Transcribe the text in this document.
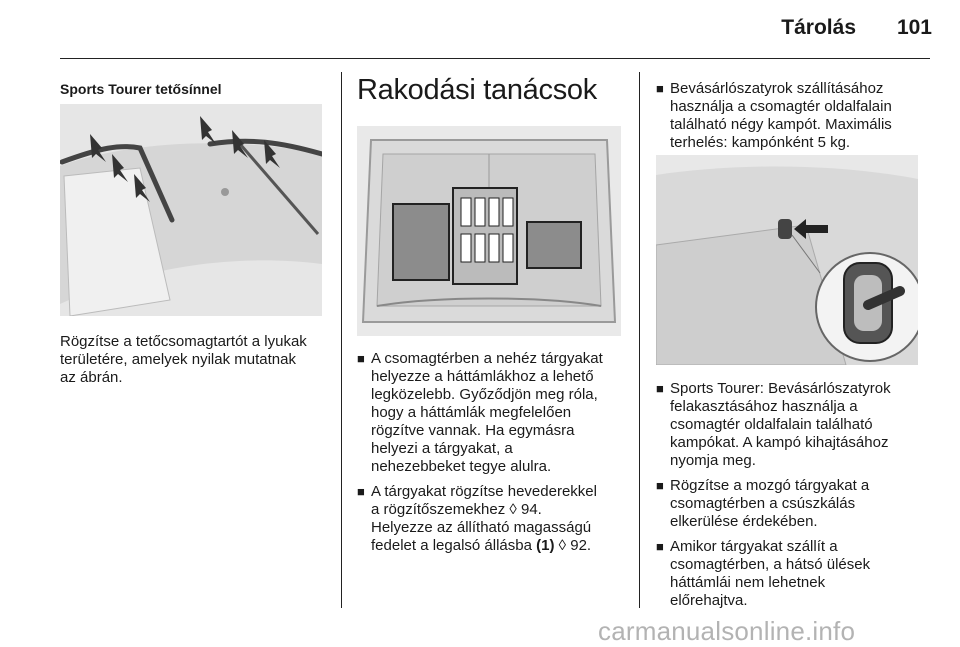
Tárolás	101
Sports Tourer tetősínnel
Rögzítse a tetőcsomagtartót a lyukak
területére, amelyek nyilak mutatnak
az ábrán.
Rakodási tanácsok
■ A csomagtérben a nehéz tárgyakat
helyezze a háttámlákhoz a lehető
legközelebb. Győződjön meg róla,
hogy a háttámlák megfelelően
rögzítve vannak. Ha egymásra
helyezi a tárgyakat, a
nehezebbeket tegye alulra.
■ A tárgyakat rögzítse hevederekkel
a rögzítőszemekhez ◊ 94.
Helyezze az állítható magasságú
fedelet a legalsó állásba (1) ◊ 92.
■ Bevásárlószatyrok szállításához
használja a csomagtér oldalfalain
található négy kampót. Maximális
terhelés: kampónként 5 kg.
■ Sports Tourer: Bevásárlószatyrok
felakasztásához használja a
csomagtér oldalfalain található
kampókat. A kampó kihajtásához
nyomja meg.
■ Rögzítse a mozgó tárgyakat a
csomagtérben a csúszkálás
elkerülése érdekében.
■ Amikor tárgyakat szállít a
csomagtérben, a hátsó ülések
háttámlái nem lehetnek
előrehajtva.
carmanualsonline.info
